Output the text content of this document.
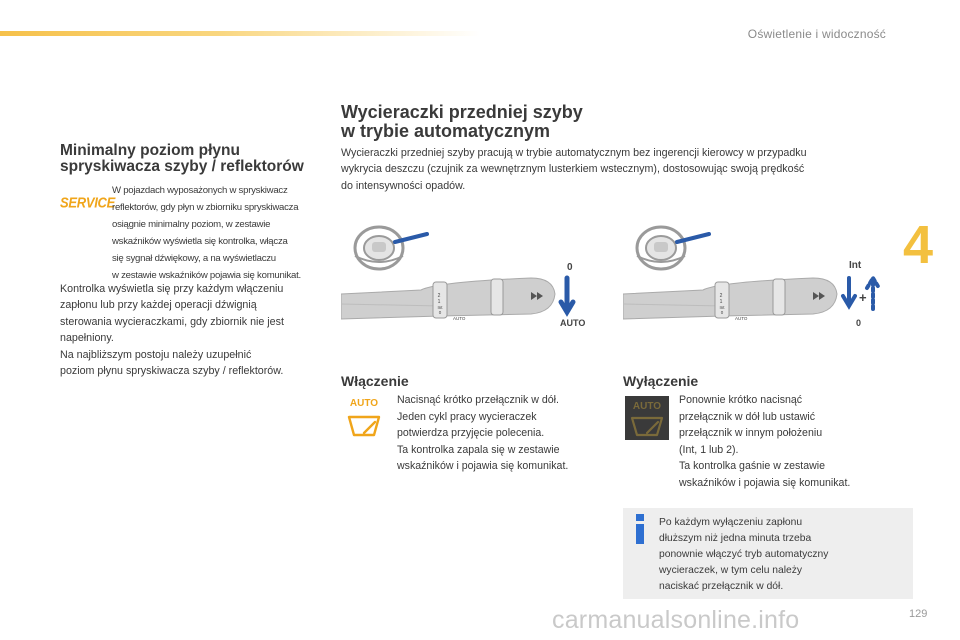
Oświetlenie i widoczność
4
Minimalny poziom płynu spryskiwacza szyby / reflektorów
SERVICE
W pojazdach wyposażonych w spryskiwacz
reflektorów, gdy płyn w zbiorniku spryskiwacza
osiągnie minimalny poziom, w zestawie
wskaźników wyświetla się kontrolka, włącza
się sygnał dźwiękowy, a na wyświetlaczu
w zestawie wskaźników pojawia się komunikat.
Kontrolka wyświetla się przy każdym włączeniu
zapłonu lub przy każdej operacji dźwignią
sterowania wycieraczkami, gdy zbiornik nie jest
napełniony.
Na najbliższym postoju należy uzupełnić
poziom płynu spryskiwacza szyby / reflektorów.
Wycieraczki przedniej szyby
w trybie automatycznym
Wycieraczki przedniej szyby pracują w trybie automatycznym bez ingerencji kierowcy w przypadku
wykrycia deszczu (czujnik za wewnętrznym lusterkiem wstecznym), dostosowując swoją prędkość
do intensywności opadów.
2
1
Int
0
AUTO
0
AUTO
2
1
Int
0
AUTO
Int
+
0
Włączenie
AUTO Nacisnąć krótko przełącznik w dół.
Jeden cykl pracy wycieraczek
potwierdza przyjęcie polecenia.
Ta kontrolka zapala się w zestawie
wskaźników i pojawia się komunikat.
Wyłączenie
AUTO
Ponownie krótko nacisnąć
przełącznik w dół lub ustawić
przełącznik w innym położeniu
(Int, 1 lub 2).
Ta kontrolka gaśnie w zestawie
wskaźników i pojawia się komunikat.
Po każdym wyłączeniu zapłonu
dłuższym niż jedna minuta trzeba
ponownie włączyć tryb automatyczny
wycieraczek, w tym celu należy
naciskać przełącznik w dół.
carmanualsonline.info	129
